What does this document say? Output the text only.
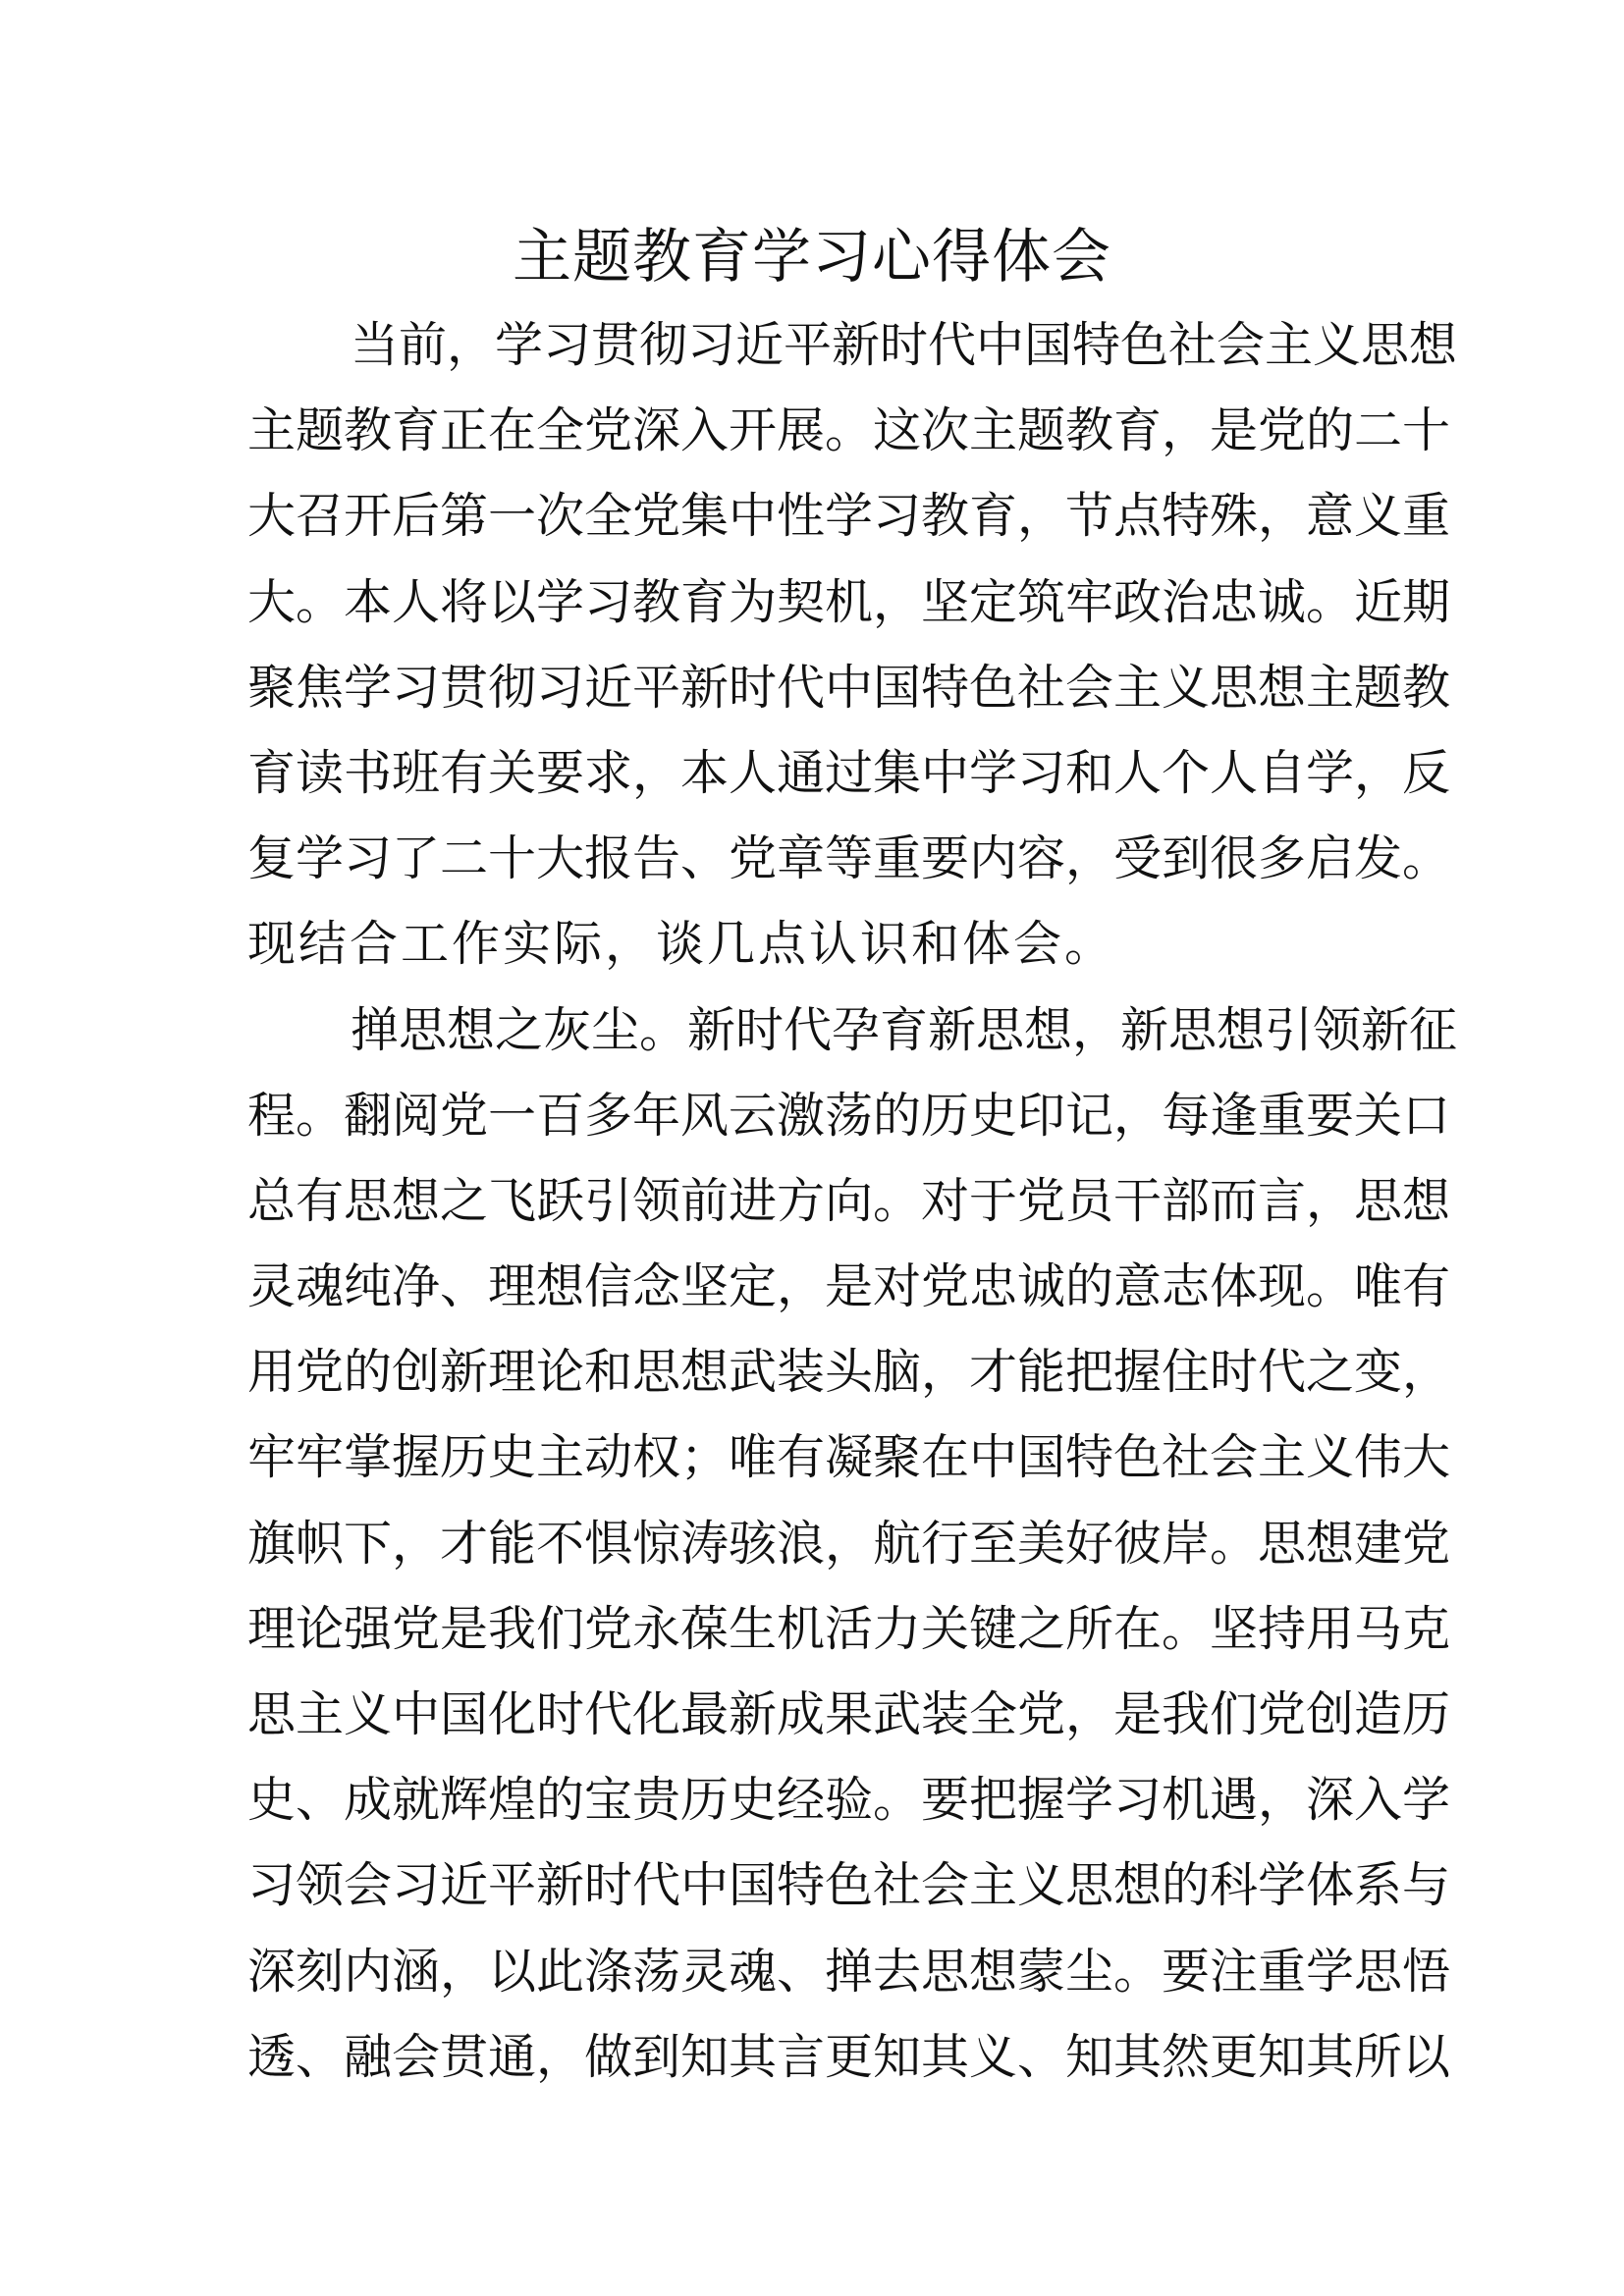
主题教育学习心得体会
当前，学习贯彻习近平新时代中国特色社会主义思想
主题教育正在全党深入开展。这次主题教育，是党的二十
大召开后第一次全党集中性学习教育，节点特殊，意义重
大。本人将以学习教育为契机，坚定筑牢政治忠诚。近期
聚焦学习贯彻习近平新时代中国特色社会主义思想主题教
育读书班有关要求，本人通过集中学习和人个人自学，反
复学习了二十大报告、党章等重要内容，受到很多启发。
现结合工作实际，谈几点认识和体会。
掸思想之灰尘。新时代孕育新思想，新思想引领新征
程。翻阅党一百多年风云激荡的历史印记，每逢重要关口
总有思想之飞跃引领前进方向。对于党员干部而言，思想
灵魂纯净、理想信念坚定，是对党忠诚的意志体现。唯有
用党的创新理论和思想武装头脑，才能把握住时代之变，
牢牢掌握历史主动权；唯有凝聚在中国特色社会主义伟大
旗帜下，才能不惧惊涛骇浪，航行至美好彼岸。思想建党
理论强党是我们党永葆生机活力关键之所在。坚持用马克
思主义中国化时代化最新成果武装全党，是我们党创造历
史、成就辉煌的宝贵历史经验。要把握学习机遇，深入学
习领会习近平新时代中国特色社会主义思想的科学体系与
深刻内涵，以此涤荡灵魂、掸去思想蒙尘。要注重学思悟
透、融会贯通，做到知其言更知其义、知其然更知其所以
